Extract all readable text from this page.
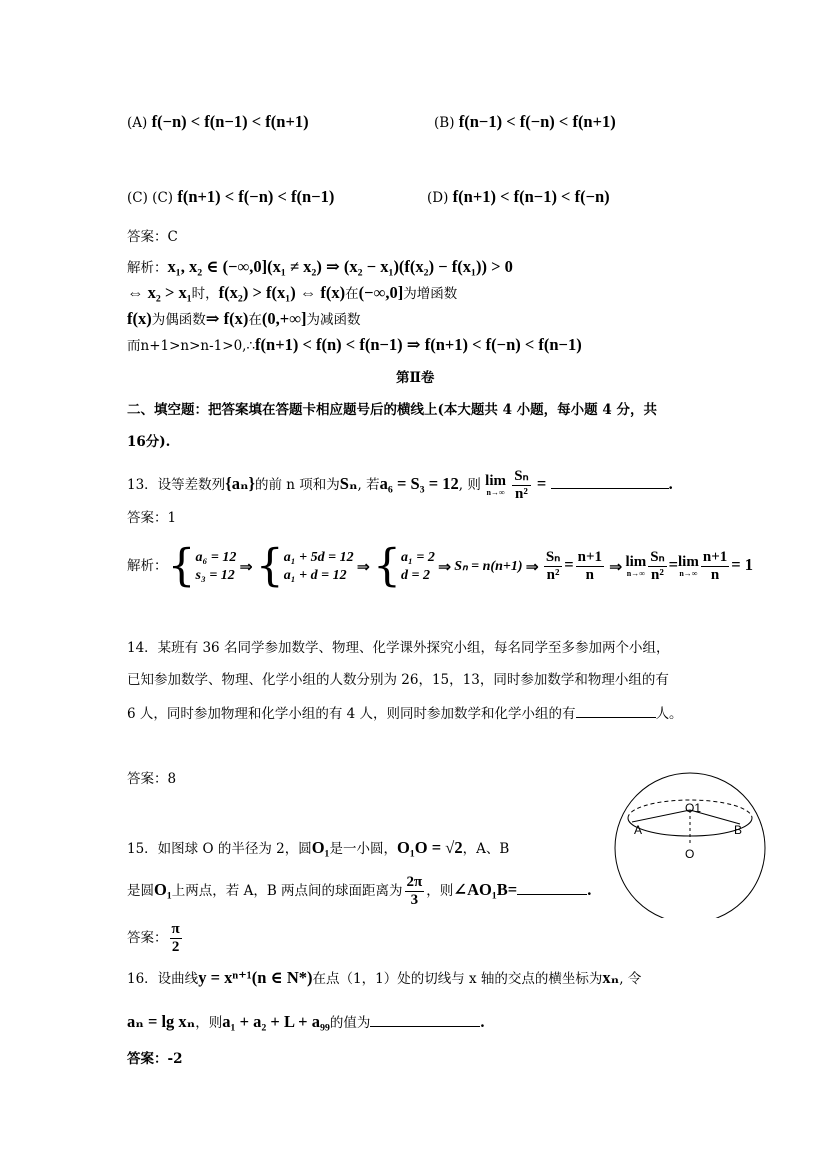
(A) f(−n) < f(n−1) < f(n+1)	(B) f(n−1) < f(−n) < f(n+1)
(C) (C) f(n+1) < f(−n) < f(n−1)	(D) f(n+1) < f(n−1) < f(−n)
答案：C
解析：x₁, x₂ ∈ (−∞,0](x₁ ≠ x₂) ⇒ (x₂ − x₁)(f(x₂) − f(x₁)) > 0
⇔ x₂ > x₁时，f(x₂) > f(x₁) ⇔ f(x)在(−∞,0]为增函数
f(x)为偶函数⇒ f(x)在(0,+∞]为减函数
而n+1>n>n-1>0,∴f(n+1) < f(n) < f(n−1) ⇒ f(n+1) < f(−n) < f(n−1)
第Ⅱ卷
二、填空题：把答案填在答题卡相应题号后的横线上(本大题共 4 小题，每小题 4 分，共
16分).
13．设等差数列{aₙ}的前 n 项和为Sₙ, 若a₆ = S₃ = 12, 则 lim
n→∞
$\frac{\text{Sₙ}}{\text{n²}}$ =	.
答案：1
解析：{ a₆ = 12
s₃ = 12 ⇒{ a₁ + 5d = 12
a₁ + d = 12 ⇒{ a₁ = 2
d = 2 ⇒ Sₙ = n(n+1) ⇒ $\frac{\text{Sₙ}}{\text{n²}} = \frac{n+1}{n}$ ⇒ lim
$n\to\infty \frac{\text{Sₙ}}{\text{n²}} = \lim$
$n\to\infty \frac{n+1}{n} = 1$
14．某班有 36 名同学参加数学、物理、化学课外探究小组，每名同学至多参加两个小组，
已知参加数学、物理、化学小组的人数分别为 26，15，13，同时参加数学和物理小组的有
6 人，同时参加物理和化学小组的有 4 人，则同时参加数学和化学小组的有	人。
答案：8
15．如图球 O 的半径为 2，圆O₁是一小圆，O₁O = √2，A、B
是圆O₁上两点，若 A，B 两点间的球面距离为 $\frac{2\pi}{3}$ ，则∠AO₁B=	.
答案： $\frac{\pi}{2}$
A	B
O
O1
16．设曲线y = xⁿ⁺¹(n ∈ N*)在点（1，1）处的切线与 x 轴的交点的横坐标为xₙ, 令
aₙ = lg xₙ，则a₁ + a₂ + L + a₉₉的值为	.
答案：-2
